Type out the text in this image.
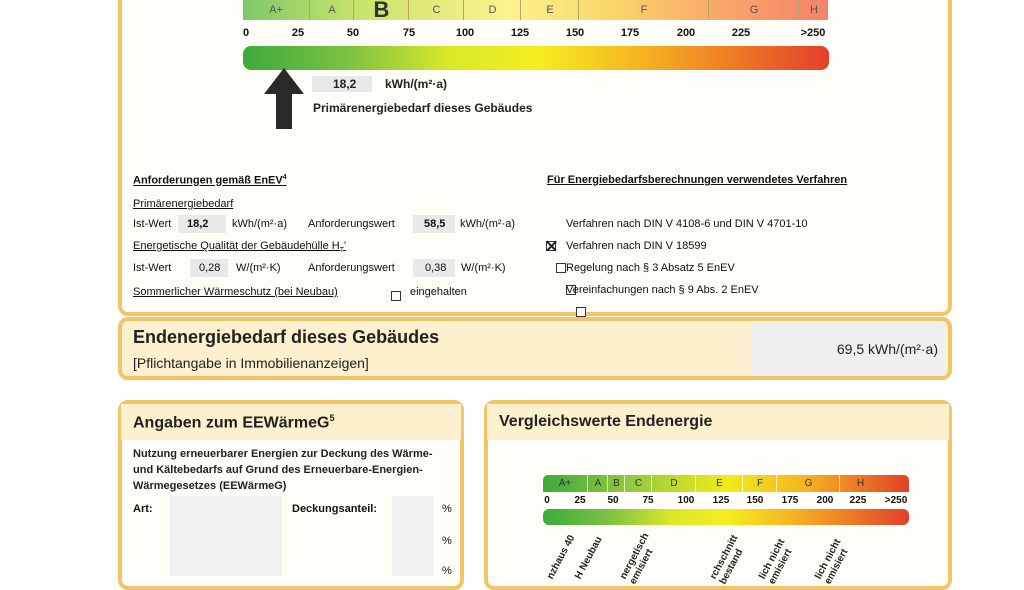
A+	A	B	C	D	E	F	G	H
0	25	50	75	100	125	150	175	200	225	>250
18,2 kWh/(m²·a)
Primärenergiebedarf dieses Gebäudes
Anforderungen gemäß EnEV$^4$
Primärenergiebedarf
Ist-Wert 18,2 kWh/(m²·a) Anforderungswert	58,5 kWh/(m²·a)
Energetische Qualität der Gebäudehülle $H_T'$
Ist-Wert	0,28 W/(m²·K) Anforderungswert	0,38 W/(m²·K)
Sommerlicher Wärmeschutz (bei Neubau)	eingehalten
Für Energiebedarfsberechnungen verwendetes Verfahren
Verfahren nach DIN V 4108-6 und DIN V 4701-10
Verfahren nach DIN V 18599
Regelung nach § 3 Absatz 5 EnEV
Vereinfachungen nach § 9 Abs. 2 EnEV
Endenergiebedarf dieses Gebäudes
[Pflichtangabe in Immobilienanzeigen]
69,5 kWh/(m²·a)
Angaben zum EEWärmeG$^5$
Nutzung erneuerbarer Energien zur Deckung des Wärme-und Kältebedarfs auf Grund des Erneuerbare-Energien-Wärmegesetzes (EEWärmeG)
Art:	Deckungsanteil:	%
%
%
Vergleichswerte Endenergie
A+	A	B	C	D	E	F	G	H
0 25 50 75 100 125 150 175 200 225 >250
nzhaus 40
H Neubau nergetisch
emisiert	rchschnitt
bestand	lich nicht
emisiert lich nicht
emisiert
